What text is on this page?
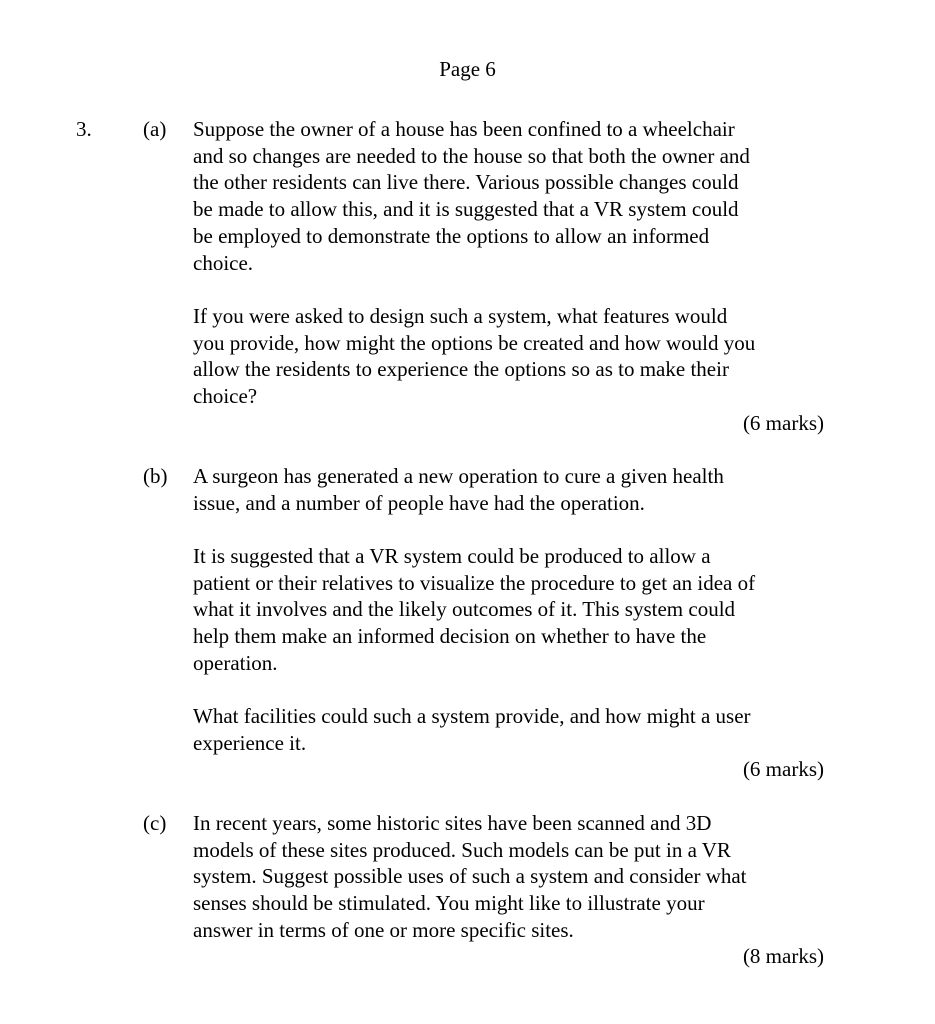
Page 6
3. (a) Suppose the owner of a house has been confined to a wheelchair
and so changes are needed to the house so that both the owner and
the other residents can live there. Various possible changes could
be made to allow this, and it is suggested that a VR system could
be employed to demonstrate the options to allow an informed
choice.
If you were asked to design such a system, what features would
you provide, how might the options be created and how would you
allow the residents to experience the options so as to make their
choice?
(6 marks)
(b) A surgeon has generated a new operation to cure a given health
issue, and a number of people have had the operation.
It is suggested that a VR system could be produced to allow a
patient or their relatives to visualize the procedure to get an idea of
what it involves and the likely outcomes of it. This system could
help them make an informed decision on whether to have the
operation.
What facilities could such a system provide, and how might a user
experience it.
(6 marks)
(c) In recent years, some historic sites have been scanned and 3D
models of these sites produced. Such models can be put in a VR
system. Suggest possible uses of such a system and consider what
senses should be stimulated. You might like to illustrate your
answer in terms of one or more specific sites.
(8 marks)
